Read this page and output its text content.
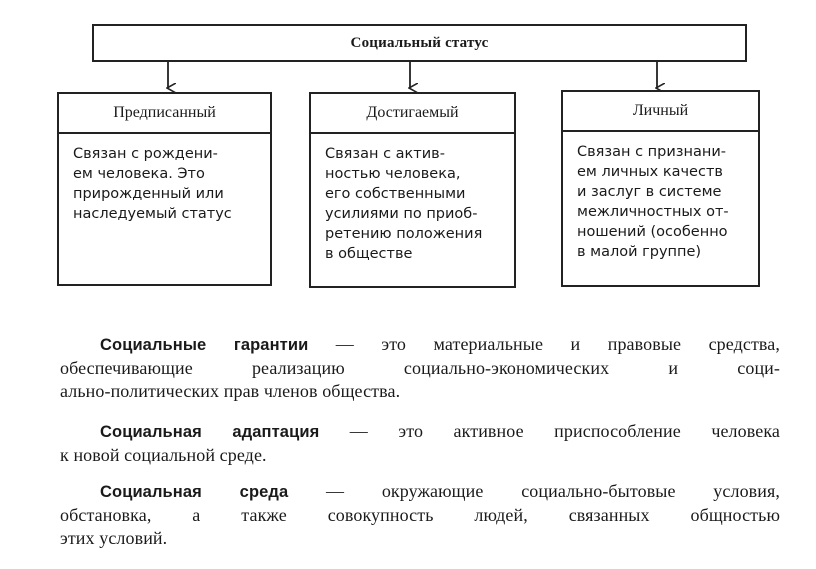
Социальный статус
Предписанный
Связан с рождени-
ем человека. Это
прирожденный или
наследуемый статус
Достигаемый
Связан с актив-
ностью человека,
его собственными
усилиями по приоб-
ретению положения
в обществе
Личный
Связан с признани-
ем личных качеств
и заслуг в системе
межличностных от-
ношений (особенно
в малой группе)
Социальные гарантии — это материальные и правовые средства,
обеспечивающие реализацию социально-экономических и соци-
ально-политических прав членов общества.
Социальная адаптация — это активное приспособление человека
к новой социальной среде.
Социальная среда — окружающие социально-бытовые условия,
обстановка, а также совокупность людей, связанных общностью
этих условий.
